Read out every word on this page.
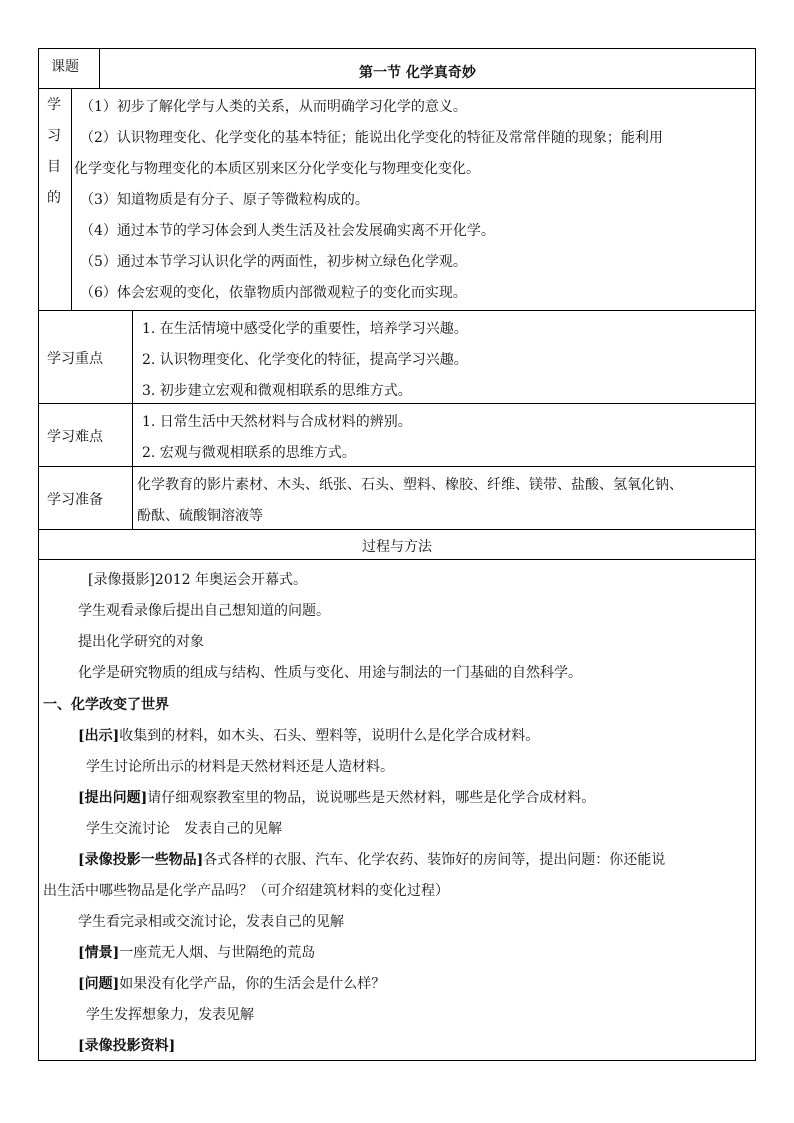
课题	第一节 化学真奇妙
学
习
目
的
（1）初步了解化学与人类的关系，从而明确学习化学的意义。
（2）认识物理变化、化学变化的基本特征；能说出化学变化的特征及常常伴随的现象；能利用
化学变化与物理变化的本质区别来区分化学变化与物理变化变化。
（3）知道物质是有分子、原子等微粒构成的。
（4）通过本节的学习体会到人类生活及社会发展确实离不开化学。
（5）通过本节学习认识化学的两面性，初步树立绿色化学观。
（6）体会宏观的变化，依靠物质内部微观粒子的变化而实现。
学习重点
1. 在生活情境中感受化学的重要性，培养学习兴趣。
2. 认识物理变化、化学变化的特征，提高学习兴趣。
3. 初步建立宏观和微观相联系的思维方式。
学习难点
1. 日常生活中天然材料与合成材料的辨别。
2. 宏观与微观相联系的思维方式。
学习准备
化学教育的影片素材、木头、纸张、石头、塑料、橡胶、纤维、镁带、盐酸、氢氧化钠、
酚酞、硫酸铜溶液等
过程与方法
[录像摄影]2012 年奥运会开幕式。
学生观看录像后提出自己想知道的问题。
提出化学研究的对象
化学是研究物质的组成与结构、性质与变化、用途与制法的一门基础的自然科学。
一、化学改变了世界
[出示]收集到的材料，如木头、石头、塑料等，说明什么是化学合成材料。
学生讨论所出示的材料是天然材料还是人造材料。
[提出问题]请仔细观察教室里的物品，说说哪些是天然材料，哪些是化学合成材料。
学生交流讨论　发表自己的见解
[录像投影一些物品]各式各样的衣服、汽车、化学农药、装饰好的房间等，提出问题：你还能说
出生活中哪些物品是化学产品吗？（可介绍建筑材料的变化过程）
学生看完录相或交流讨论，发表自己的见解
[情景]一座荒无人烟、与世隔绝的荒岛
[问题]如果没有化学产品，你的生活会是什么样？
学生发挥想象力，发表见解
[录像投影资料]
